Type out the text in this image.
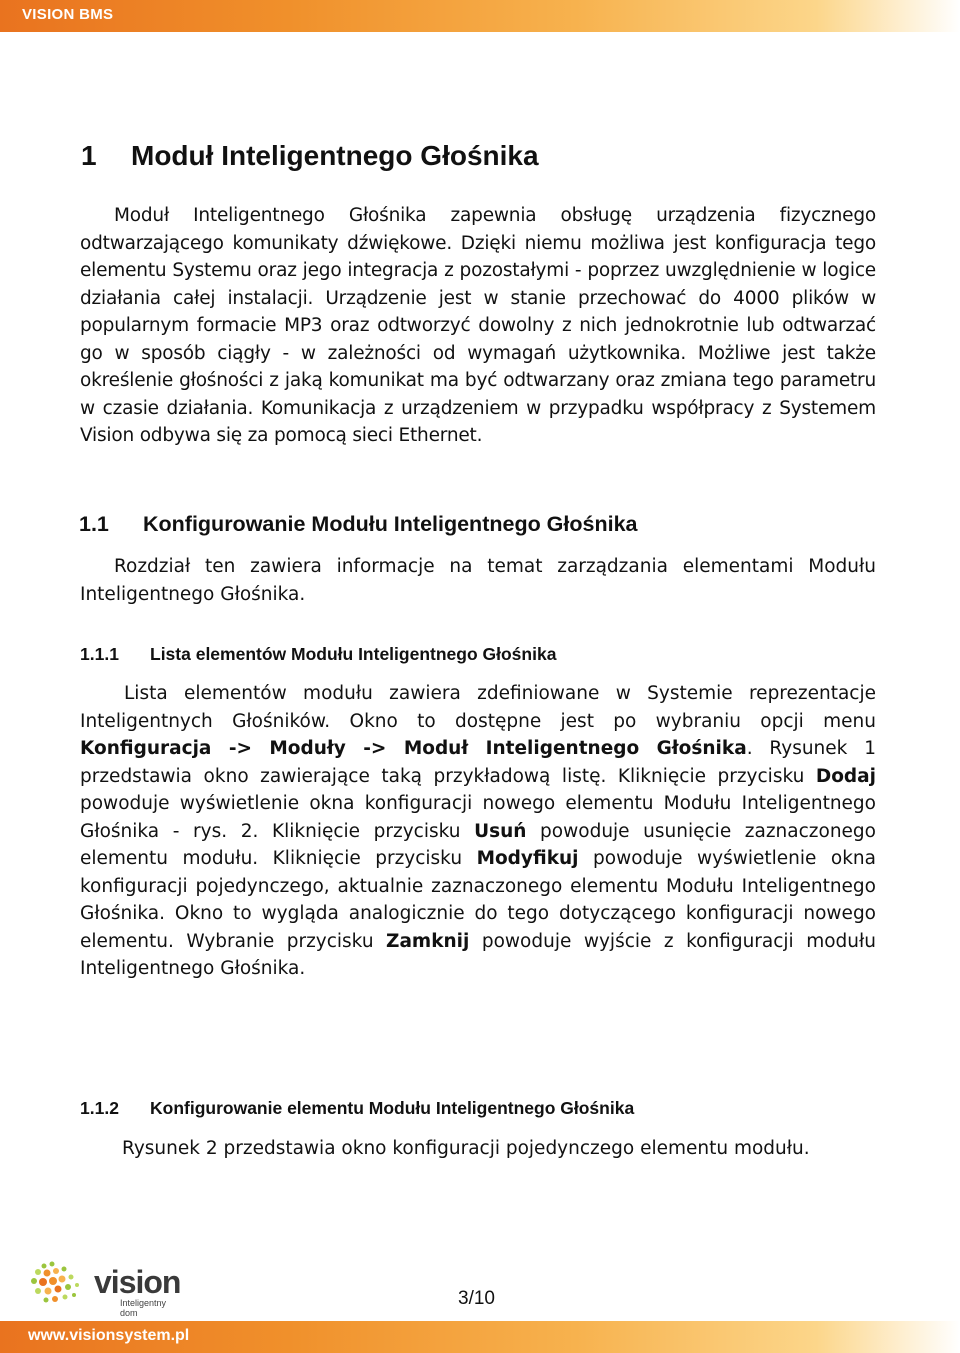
VISION BMS
1 Moduł Inteligentnego Głośnika

Moduł Inteligentnego Głośnika zapewnia obsługę urządzenia fizycznego odtwarzającego komunikaty dźwiękowe. Dzięki niemu możliwa jest konfiguracja tego elementu Systemu oraz jego integracja z pozostałymi - poprzez uwzględnienie w logice działania całej instalacji. Urządzenie jest w stanie przechować do 4000 plików w popularnym formacie MP3 oraz odtworzyć dowolny z nich jednokrotnie lub odtwarzać go w sposób ciągły - w zależności od wymagań użytkownika. Możliwe jest także określenie głośności z jaką komunikat ma być odtwarzany oraz zmiana tego parametru w czasie działania. Komunikacja z urządzeniem w przypadku współpracy z Systemem Vision odbywa się za pomocą sieci Ethernet.

1.1 Konfigurowanie Modułu Inteligentnego Głośnika

Rozdział ten zawiera informacje na temat zarządzania elementami Modułu Inteligentnego Głośnika.

1.1.1 Lista elementów Modułu Inteligentnego Głośnika

Lista elementów modułu zawiera zdefiniowane w Systemie reprezentacje Inteligentnych Głośników. Okno to dostępne jest po wybraniu opcji menu Konfiguracja -> Moduły -> Moduł Inteligentnego Głośnika. Rysunek 1 przedstawia okno zawierające taką przykładową listę. Kliknięcie przycisku Dodaj powoduje wyświetlenie okna konfiguracji nowego elementu Modułu Inteligentnego Głośnika - rys. 2. Kliknięcie przycisku Usuń powoduje usunięcie zaznaczonego elementu modułu. Kliknięcie przycisku Modyfikuj powoduje wyświetlenie okna konfiguracji pojedynczego, aktualnie zaznaczonego elementu Modułu Inteligentnego Głośnika. Okno to wygląda analogicznie do tego dotyczącego konfiguracji nowego elementu. Wybranie przycisku Zamknij powoduje wyjście z konfiguracji modułu Inteligentnego Głośnika.

1.1.2 Konfigurowanie elementu Modułu Inteligentnego Głośnika

Rysunek 2 przedstawia okno konfiguracji pojedynczego elementu modułu.

vision
Inteligentny dom
3/10
www.visionsystem.pl
